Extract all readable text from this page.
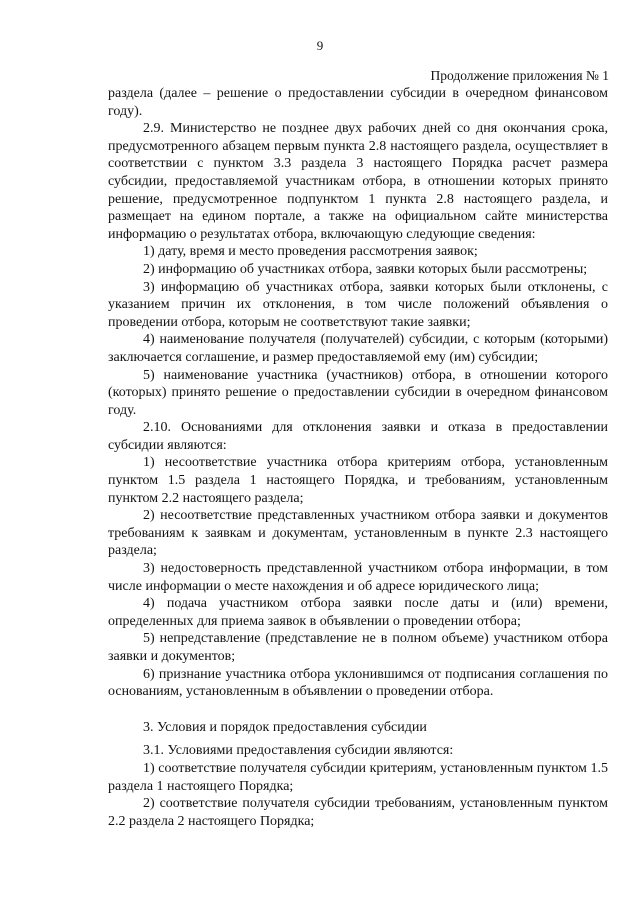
9
Продолжение приложения № 1

раздела (далее – решение о предоставлении субсидии в очередном финансовом году).

2.9. Министерство не позднее двух рабочих дней со дня окончания срока, предусмотренного абзацем первым пункта 2.8 настоящего раздела, осуществляет в соответствии с пунктом 3.3 раздела 3 настоящего Порядка расчет размера субсидии, предоставляемой участникам отбора, в отношении которых принято решение, предусмотренное подпунктом 1 пункта 2.8 настоящего раздела, и размещает на едином портале, а также на официальном сайте министерства информацию о результатах отбора, включающую следующие сведения:

1) дату, время и место проведения рассмотрения заявок;

2) информацию об участниках отбора, заявки которых были рассмотрены;

3) информацию об участниках отбора, заявки которых были отклонены, с указанием причин их отклонения, в том числе положений объявления о проведении отбора, которым не соответствуют такие заявки;

4) наименование получателя (получателей) субсидии, с которым (которыми) заключается соглашение, и размер предоставляемой ему (им) субсидии;

5) наименование участника (участников) отбора, в отношении которого (которых) принято решение о предоставлении субсидии в очередном финансовом году.

2.10. Основаниями для отклонения заявки и отказа в предоставлении субсидии являются:

1) несоответствие участника отбора критериям отбора, установленным пунктом 1.5 раздела 1 настоящего Порядка, и требованиям, установленным пунктом 2.2 настоящего раздела;

2) несоответствие представленных участником отбора заявки и документов требованиям к заявкам и документам, установленным в пункте 2.3 настоящего раздела;

3) недостоверность представленной участником отбора информации, в том числе информации о месте нахождения и об адресе юридического лица;

4) подача участником отбора заявки после даты и (или) времени, определенных для приема заявок в объявлении о проведении отбора;

5) непредставление (представление не в полном объеме) участником отбора заявки и документов;

6) признание участника отбора уклонившимся от подписания соглашения по основаниям, установленным в объявлении о проведении отбора.

3. Условия и порядок предоставления субсидии

3.1. Условиями предоставления субсидии являются:

1) соответствие получателя субсидии критериям, установленным пунктом 1.5 раздела 1 настоящего Порядка;

2) соответствие получателя субсидии требованиям, установленным пунктом 2.2 раздела 2 настоящего Порядка;
